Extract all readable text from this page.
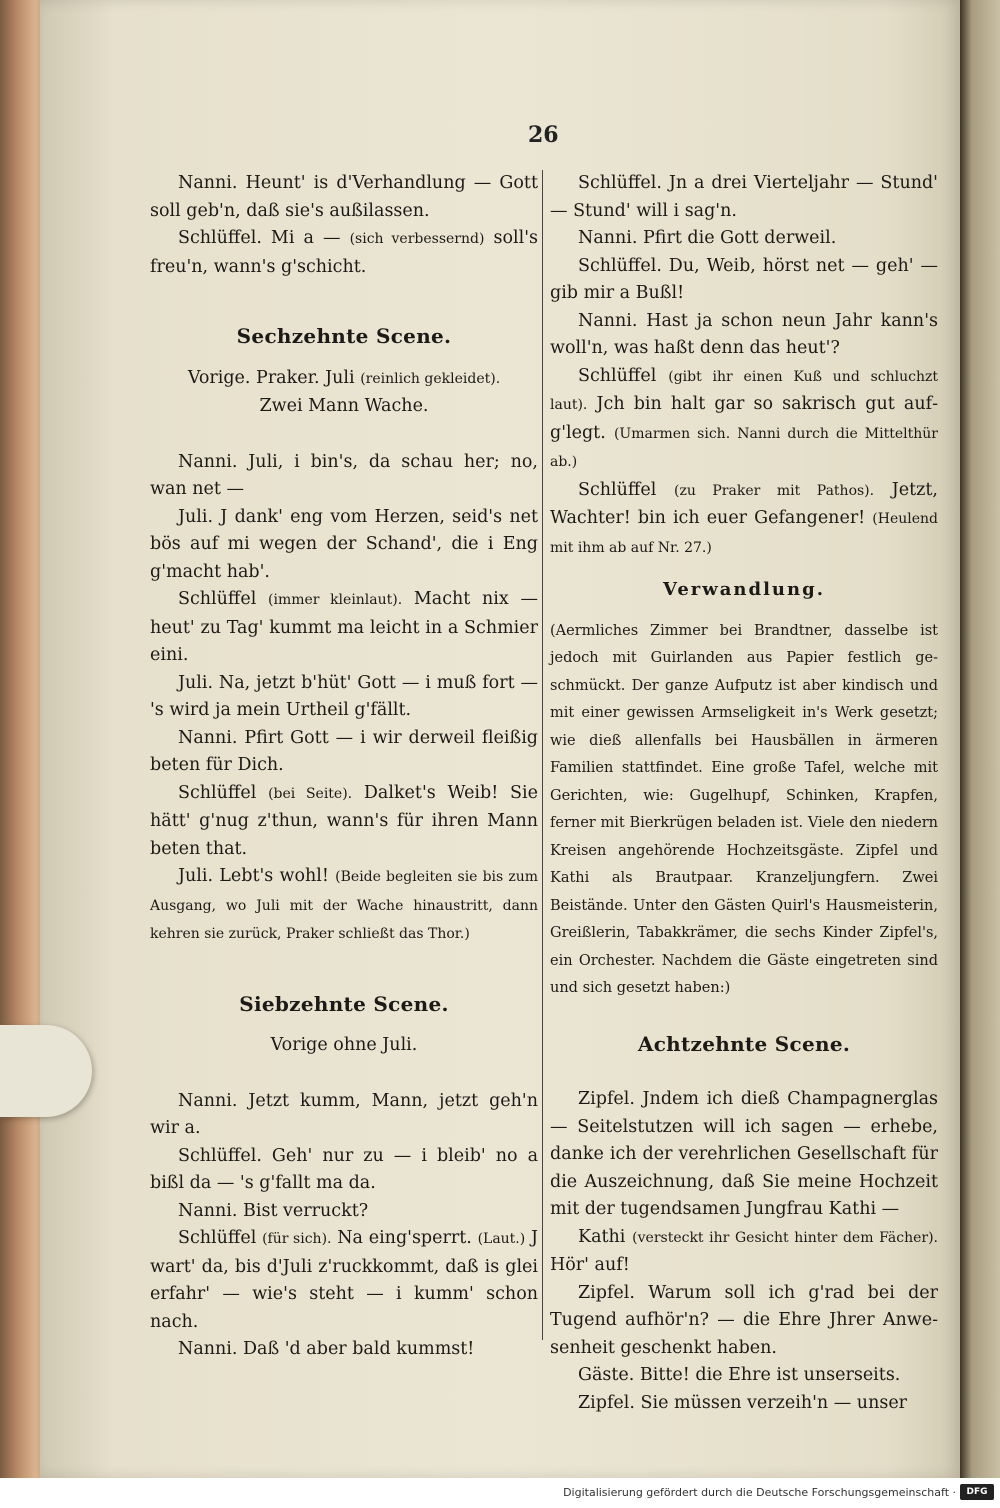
26

Nanni. Heunt' is d'Verhandlung — Gott soll geb'n, daß sie's außilassen.

Schlüffel. Mi a — (sich verbessernd) soll's freu'n, wann's g'schicht.

Sechzehnte Scene.

Vorige. Praker. Juli (reinlich gekleidet).
Zwei Mann Wache.

Nanni. Juli, i bin's, da schau her; no, wan net —

Juli. J dank' eng vom Herzen, seid's net bös auf mi wegen der Schand', die i Eng g'macht hab'.

Schlüffel (immer kleinlaut). Macht nix — heut' zu Tag' kummt ma leicht in a Schmier eini.

Juli. Na, jetzt b'hüt' Gott — i muß fort — 's wird ja mein Urtheil g'fällt.

Nanni. Pfirt Gott — i wir derweil fleißig beten für Dich.

Schlüffel (bei Seite). Dalket's Weib! Sie hätt' g'nug z'thun, wann's für ihren Mann beten that.

Juli. Lebt's wohl! (Beide begleiten sie bis zum Ausgang, wo Juli mit der Wache hinaustritt, dann kehren sie zurück, Praker schließt das Thor.)

Siebzehnte Scene.

Vorige ohne Juli.

Nanni. Jetzt kumm, Mann, jetzt geh'n wir a.

Schlüffel. Geh' nur zu — i bleib' no a bißl da — 's g'fallt ma da.

Nanni. Bist verruckt?

Schlüffel (für sich). Na eing'sperrt. (Laut.) J wart' da, bis d'Juli z'ruckkommt, daß is glei erfahr' — wie's steht — i kumm' schon nach.

Nanni. Daß 'd aber bald kummst!

Schlüffel. Jn a drei Vierteljahr — Stund' — Stund' will i sag'n.

Nanni. Pfirt die Gott derweil.

Schlüffel. Du, Weib, hörst net — geh' — gib mir a Bußl!

Nanni. Hast ja schon neun Jahr kann's woll'n, was haßt denn das heut'?

Schlüffel (gibt ihr einen Kuß und schluchzt laut). Jch bin halt gar so sakrisch gut aufg'legt. (Umarmen sich. Nanni durch die Mittelthür ab.)

Schlüffel (zu Praker mit Pathos). Jetzt, Wachter! bin ich euer Gefangener! (Heulend mit ihm ab auf Nr. 27.)

Verwandlung.

(Aermliches Zimmer bei Brandtner, dasselbe ist jedoch mit Guirlanden aus Papier festlich geschmückt. Der ganze Aufputz ist aber kindisch und mit einer gewissen Armseligkeit in's Werk gesetzt; wie dieß allenfalls bei Hausbällen in ärmeren Familien stattfindet. Eine große Tafel, welche mit Gerichten, wie: Gugelhupf, Schinken, Krapfen, ferner mit Bierkrügen beladen ist. Viele den niedern Kreisen angehörende Hochzeitsgäste. Zipfel und Kathi als Brautpaar. Kranzeljungfern. Zwei Beiständе. Unter den Gästen Quirl's Hausmeisterin, Greißlerin, Tabakkrämer, die sechs Kinder Zipfel's, ein Orchester. Nachdem die Gäste eingetreten sind und sich gesetzt haben:)

Achtzehnte Scene.

Zipfel. Jndem ich dieß Champagnerglas — Seitelstutzen will ich sagen — erhebe, danke ich der verehrlichen Gesellschaft für die Auszeichnung, daß Sie meine Hochzeit mit der tugendsamen Jungfrau Kathi —

Kathi (versteckt ihr Gesicht hinter dem Fächer). Hör' auf!

Zipfel. Warum soll ich g'rad bei der Tugend aufhör'n? — die Ehre Jhrer Anwesenheit geschenkt haben.

Gäste. Bitte! die Ehre ist unserseits.

Zipfel. Sie müssen verzeih'n — unser

Digitalisierung gefördert durch die Deutsche Forschungsgemeinschaft ·	DFG
